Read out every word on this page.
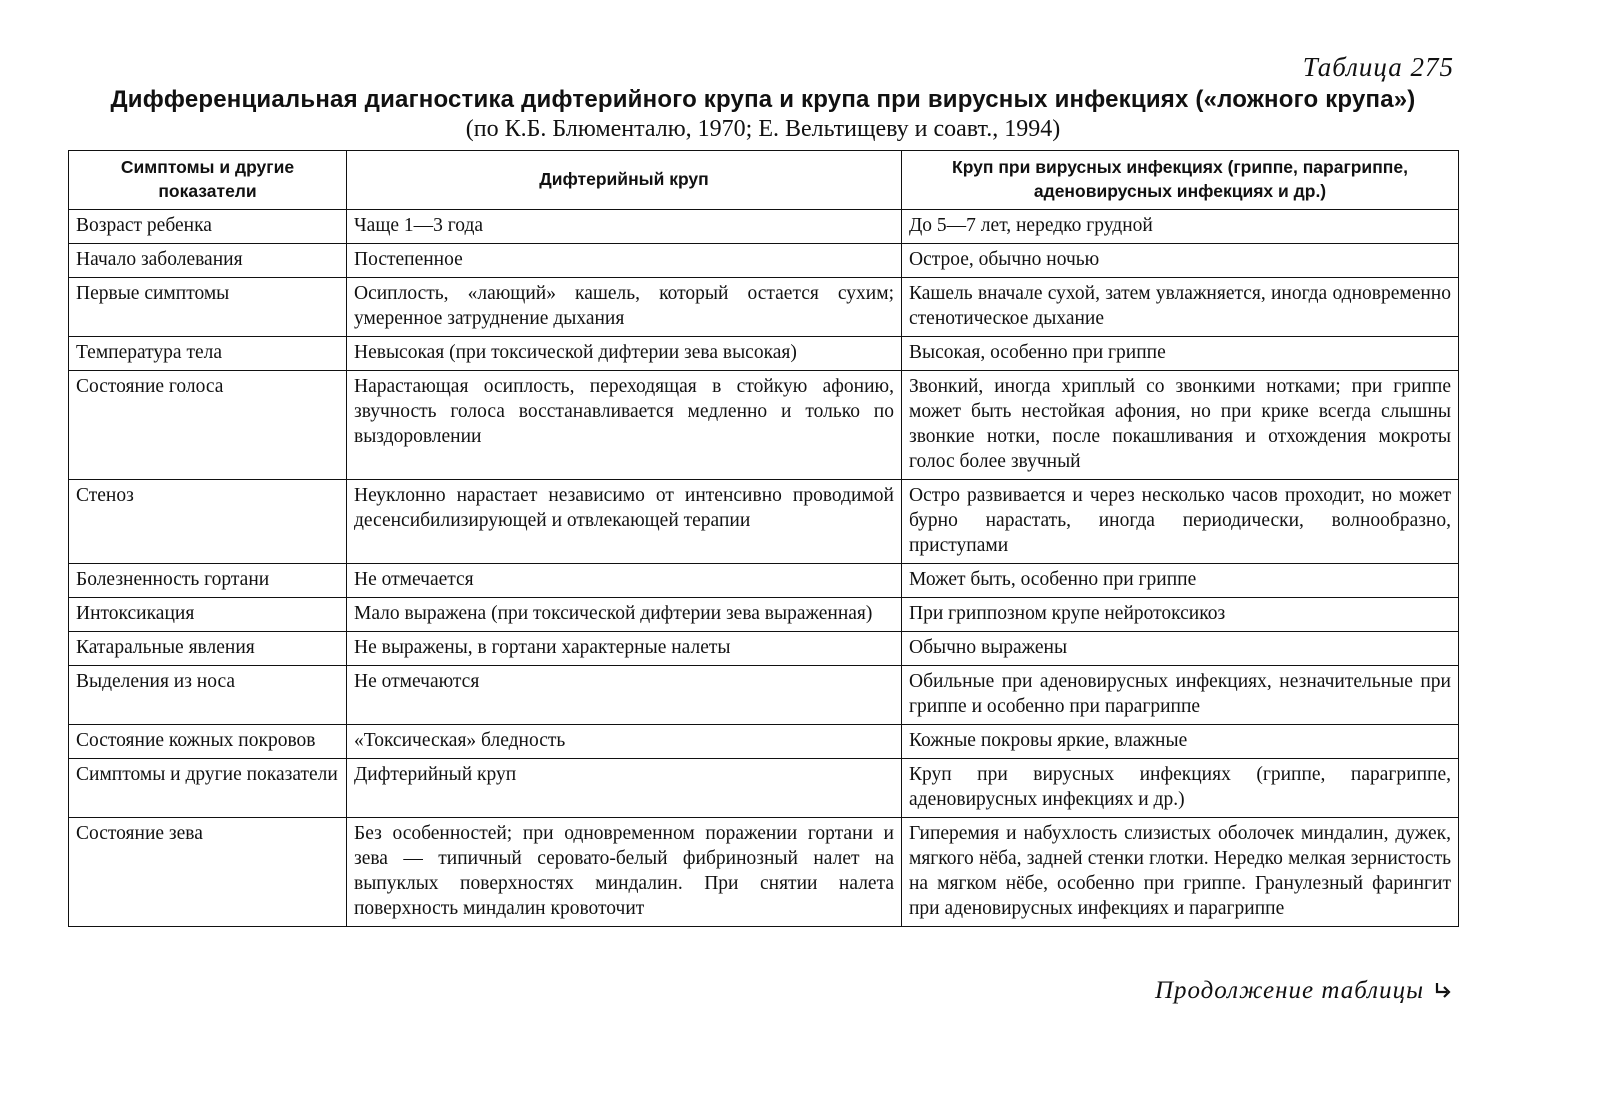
Таблица 275
Дифференциальная диагностика дифтерийного крупа и крупа при вирусных инфекциях («ложного крупа»)
(по К.Б. Блюменталю, 1970; Е. Вельтищеву и соавт., 1994)
Симптомы и другие показатели	Дифтерийный круп	Круп при вирусных инфекциях (гриппе, парагриппе, аденовирусных инфекциях и др.)
Возраст ребенка	Чаще 1—3 года	До 5—7 лет, нередко грудной
Начало заболевания	Постепенное	Острое, обычно ночью
Первые симптомы	Осиплость, «лающий» кашель, который остается сухим; умеренное затруднение дыхания	Кашель вначале сухой, затем увлажняется, иногда одновременно стенотическое дыхание
Температура тела	Невысокая (при токсической дифтерии зева высокая)	Высокая, особенно при гриппе
Состояние голоса	Нарастающая осиплость, переходящая в стойкую афонию, звучность голоса восстанавливается медленно и только по выздоровлении	Звонкий, иногда хриплый со звонкими нотками; при гриппе может быть нестойкая афония, но при крике всегда слышны звонкие нотки, после покашливания и отхождения мокроты голос более звучный
Стеноз	Неуклонно нарастает независимо от интенсивно проводимой десенсибилизирующей и отвлекающей терапии	Остро развивается и через несколько часов проходит, но может бурно нарастать, иногда периодически, волнообразно, приступами
Болезненность гортани	Не отмечается	Может быть, особенно при гриппе
Интоксикация	Мало выражена (при токсической дифтерии зева выраженная)	При гриппозном крупе нейротоксикоз
Катаральные явления	Не выражены, в гортани характерные налеты	Обычно выражены
Выделения из носа	Не отмечаются	Обильные при аденовирусных инфекциях, незначительные при гриппе и особенно при парагриппе
Состояние кожных покровов	«Токсическая» бледность	Кожные покровы яркие, влажные
Симптомы и другие показатели	Дифтерийный круп	Круп при вирусных инфекциях (гриппе, парагриппе, аденовирусных инфекциях и др.)
Состояние зева	Без особенностей; при одновременном поражении гортани и зева — типичный серовато-белый фибринозный налет на выпуклых поверхностях миндалин. При снятии налета поверхность миндалин кровоточит	Гиперемия и набухлость слизистых оболочек миндалин, дужек, мягкого нёба, задней стенки глотки. Нередко мелкая зернистость на мягком нёбе, особенно при гриппе. Гранулезный фарингит при аденовирусных инфекциях и парагриппе
Продолжение таблицы
